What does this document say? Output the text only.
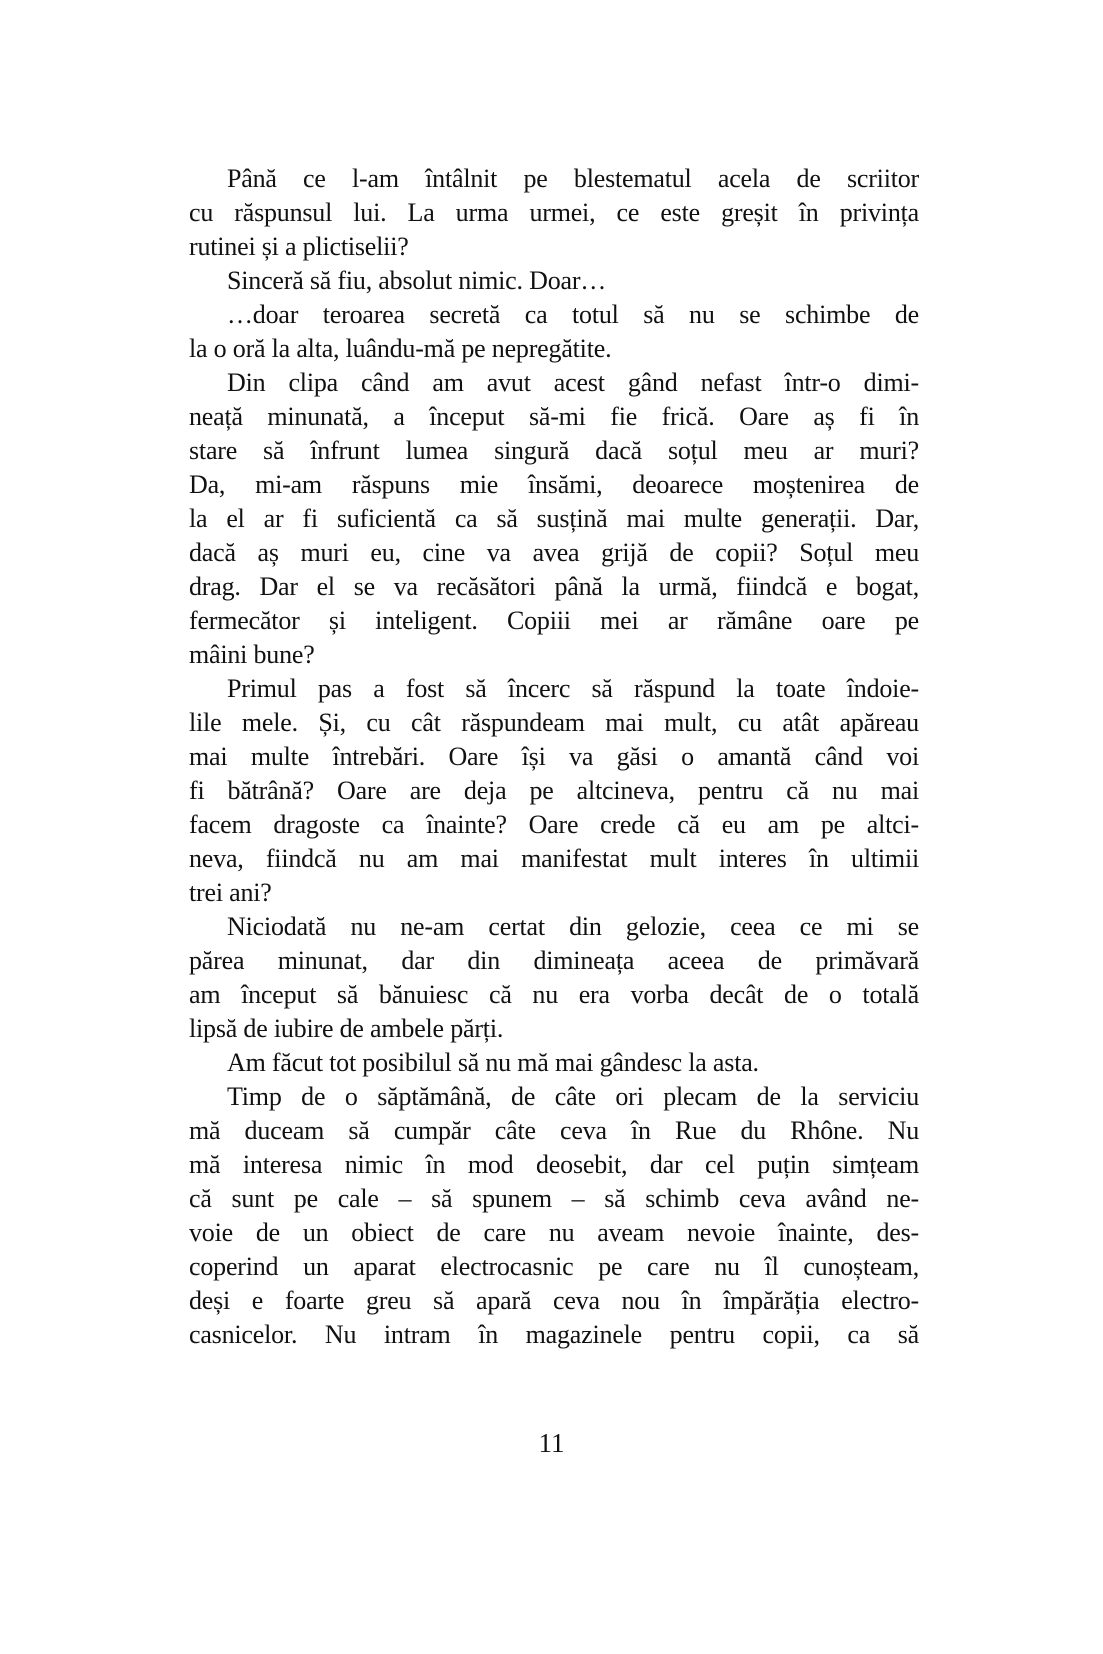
Până ce l-am întâlnit pe blestematul acela de scriitor
cu răspunsul lui. La urma urmei, ce este greșit în privința
rutinei și a plictiselii?
Sinceră să fiu, absolut nimic. Doar…
…doar teroarea secretă ca totul să nu se schimbe de
la o oră la alta, luându-mă pe nepregătite.
Din clipa când am avut acest gând nefast într-o dimi-
neață minunată, a început să-mi fie frică. Oare aș fi în
stare să înfrunt lumea singură dacă soțul meu ar muri?
Da, mi-am răspuns mie însămi, deoarece moștenirea de
la el ar fi suficientă ca să susțină mai multe generații. Dar,
dacă aș muri eu, cine va avea grijă de copii? Soțul meu
drag. Dar el se va recăsători până la urmă, fiindcă e bogat,
fermecător și inteligent. Copiii mei ar rămâne oare pe
mâini bune?
Primul pas a fost să încerc să răspund la toate îndoie-
lile mele. Și, cu cât răspundeam mai mult, cu atât apăreau
mai multe întrebări. Oare își va găsi o amantă când voi
fi bătrână? Oare are deja pe altcineva, pentru că nu mai
facem dragoste ca înainte? Oare crede că eu am pe altci-
neva, fiindcă nu am mai manifestat mult interes în ultimii
trei ani?
Niciodată nu ne-am certat din gelozie, ceea ce mi se
părea minunat, dar din dimineața aceea de primăvară
am început să bănuiesc că nu era vorba decât de o totală
lipsă de iubire de ambele părți.
Am făcut tot posibilul să nu mă mai gândesc la asta.
Timp de o săptămână, de câte ori plecam de la serviciu
mă duceam să cumpăr câte ceva în Rue du Rhône. Nu
mă interesa nimic în mod deosebit, dar cel puțin simțeam
că sunt pe cale – să spunem – să schimb ceva având ne-
voie de un obiect de care nu aveam nevoie înainte, des-
coperind un aparat electrocasnic pe care nu îl cunoșteam,
deși e foarte greu să apară ceva nou în împărăția electro-
casnicelor. Nu intram în magazinele pentru copii, ca să
11
